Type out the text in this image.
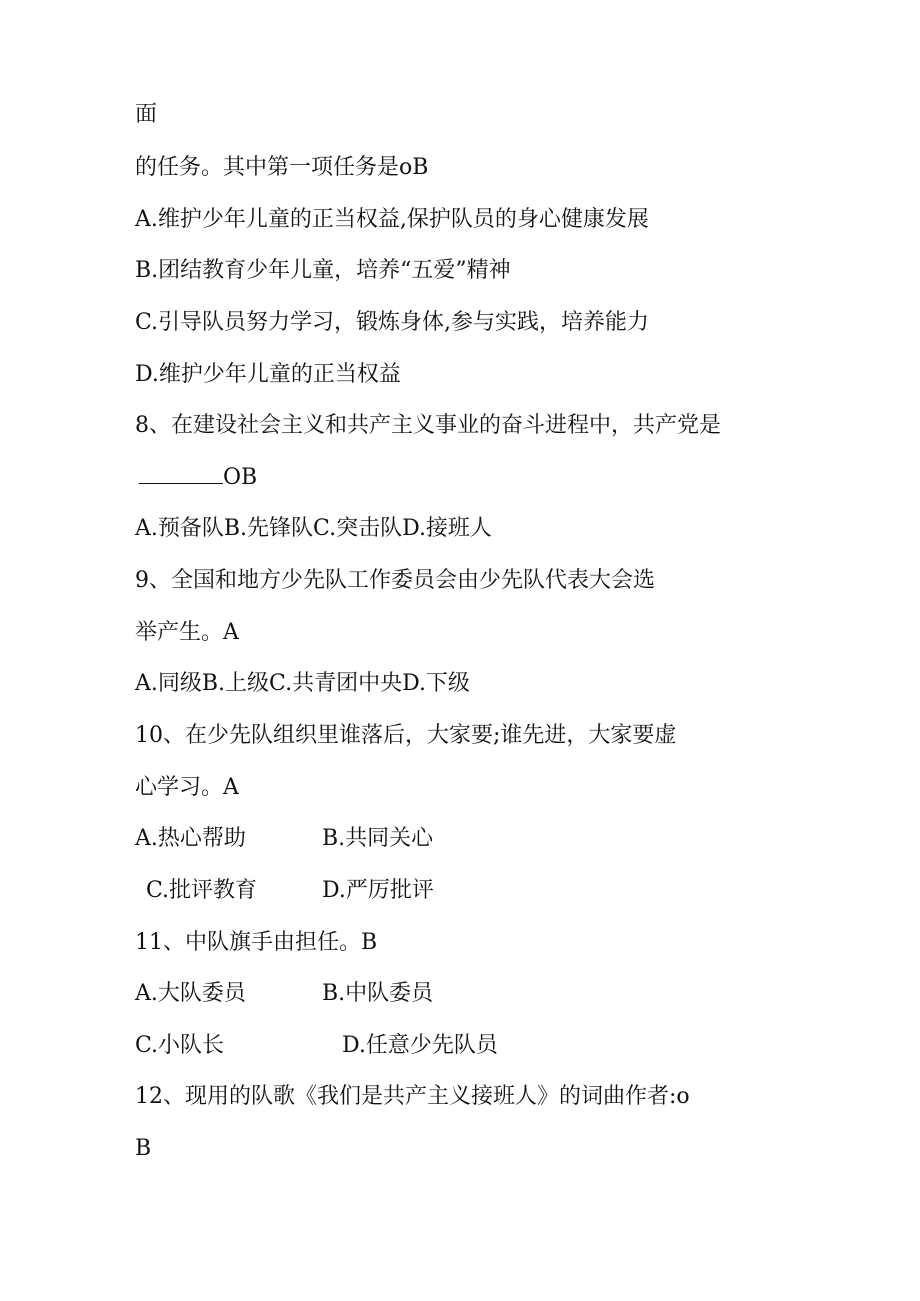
面
的任务。其中第一项任务是oB
A.维护少年儿童的正当权益,保护队员的身心健康发展
B.团结教育少年儿童，培养“五爱”精神
C.引导队员努力学习，锻炼身体,参与实践，培养能力
D.维护少年儿童的正当权益
8、在建设社会主义和共产主义事业的奋斗进程中，共产党是
OB
A.预备队B.先锋队C.突击队D.接班人
9、全国和地方少先队工作委员会由少先队代表大会选
举产生。A
A.同级B.上级C.共青团中央D.下级
10、在少先队组织里谁落后，大家要;谁先进，大家要虚
心学习。A
A.热心帮助	B.共同关心
C.批评教育	D.严厉批评
11、中队旗手由担任。B
A.大队委员	B.中队委员
C.小队长	D.任意少先队员
12、现用的队歌《我们是共产主义接班人》的词曲作者:o
B
